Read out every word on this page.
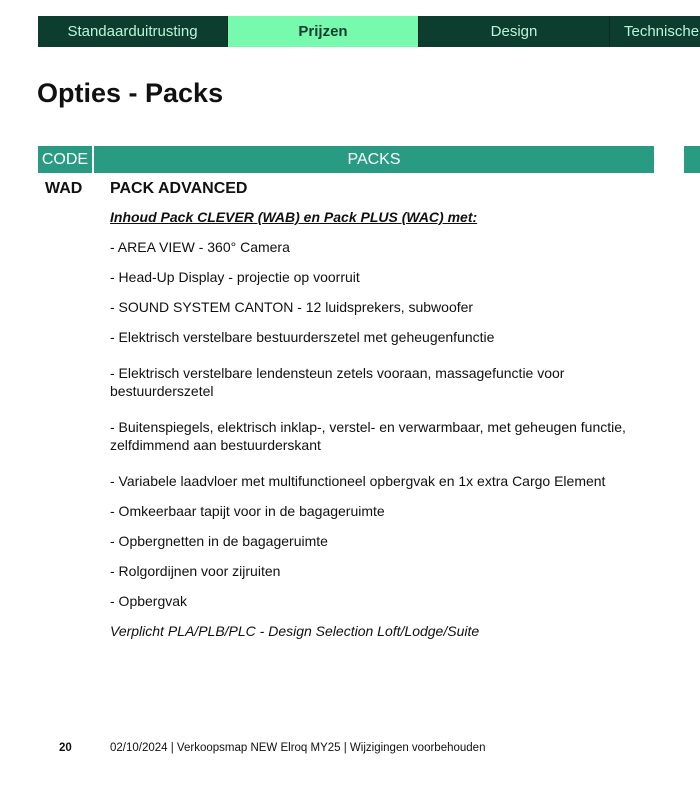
Standaarduitrusting	Prijzen	Design	Technische
Opties - Packs
CODE	PACKS
WAD PACK ADVANCED
Inhoud Pack CLEVER (WAB) en Pack PLUS (WAC) met:
- AREA VIEW - 360° Camera
- Head-Up Display - projectie op voorruit
- SOUND SYSTEM CANTON - 12 luidsprekers, subwoofer
- Elektrisch verstelbare bestuurderszetel met geheugenfunctie
- Elektrisch verstelbare lendensteun zetels vooraan, massagefunctie voor bestuurderszetel
- Buitenspiegels, elektrisch inklap-, verstel- en verwarmbaar, met geheugen functie, zelfdimmend aan bestuurderskant
- Variabele laadvloer met multifunctioneel opbergvak en 1x extra Cargo Element
- Omkeerbaar tapijt voor in de bagageruimte
- Opbergnetten in de bagageruimte
- Rolgordijnen voor zijruiten
- Opbergvak
Verplicht PLA/PLB/PLC - Design Selection Loft/Lodge/Suite
20	02/10/2024 | Verkoopsmap NEW Elroq MY25 | Wijzigingen voorbehouden
